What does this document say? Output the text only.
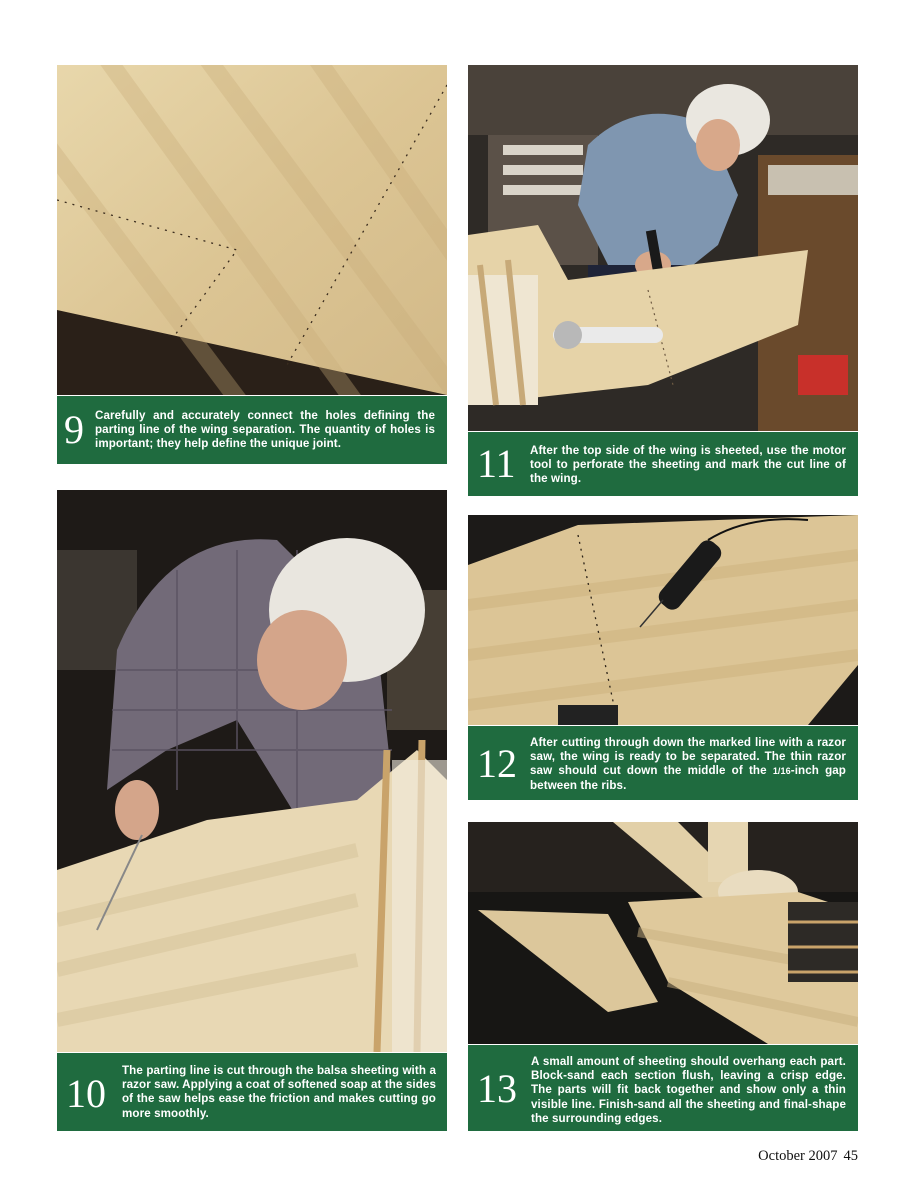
9 Carefully and accurately connect the holes defining the parting line of the wing separation. The quantity of holes is important; they help define the unique joint.	11 After the top side of the wing is sheeted, use the motor tool to perforate the sheeting and mark the cut line of the wing.
10
The parting line is cut through the balsa sheeting with a razor saw. Applying a coat of softened soap at the sides of the saw helps ease the friction and makes cutting go more smoothly.
12 After cutting through down the marked line with a razor saw, the wing is ready to be separated. The thin razor saw should cut down the middle of the 1/16-inch gap between the ribs.
13
A small amount of sheeting should overhang each part. Block-sand each section flush, leaving a crisp edge. The parts will fit back together and show only a thin visible line. Finish-sand all the sheeting and final-shape the surrounding edges.
October 2007 45
